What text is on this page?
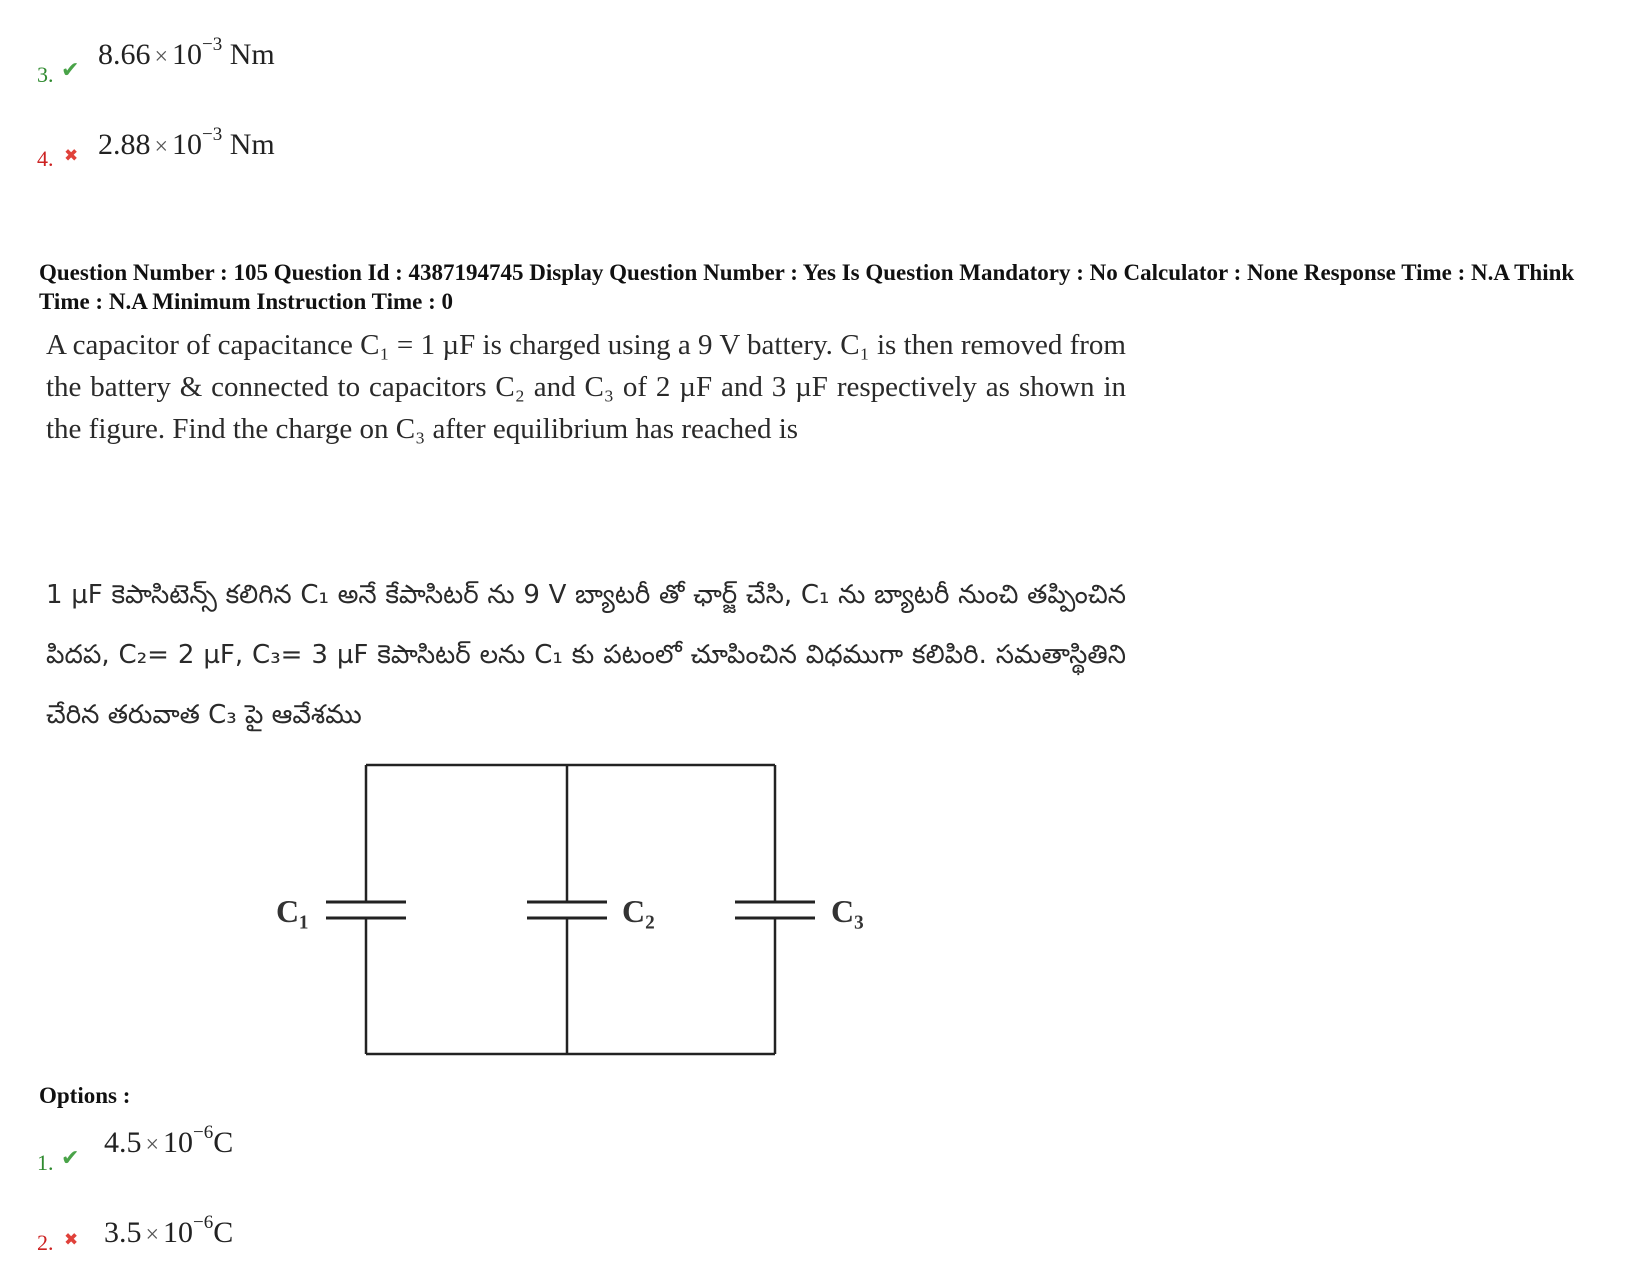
3. ✔ $8.66 \times 10^{-3}$ Nm
4. ✖ $2.88 \times 10^{-3}$ Nm
Question Number : 105 Question Id : 4387194745 Display Question Number : Yes Is Question Mandatory : No Calculator : None Response Time : N.A Think Time : N.A Minimum Instruction Time : 0
A capacitor of capacitance C₁ = 1 µF is charged using a 9 V battery. C₁ is then removed from the battery & connected to capacitors C₂ and C₃ of 2 µF and 3 µF respectively as shown in the figure. Find the charge on C₃ after equilibrium has reached is
1 µF కెపాసిటెన్స్ కలిగిన C₁ అనే కేపాసిటర్ ను 9 V బ్యాటరీ తో ఛార్జ్ చేసి, C₁ ను బ్యాటరీ నుంచి తప్పించిన పిదప, C₂= 2 µF, C₃= 3 µF కెపాసిటర్ లను C₁ కు పటంలో చూపించిన విధముగా కలిపిరి. సమతాస్థితిని చేరిన తరువాత C₃ పై ఆవేశము
C₁	C₂	C₃
Options :
1. ✔ $4.5 \times 10^{-6}C$
2. ✖ $3.5 \times 10^{-6}C$
